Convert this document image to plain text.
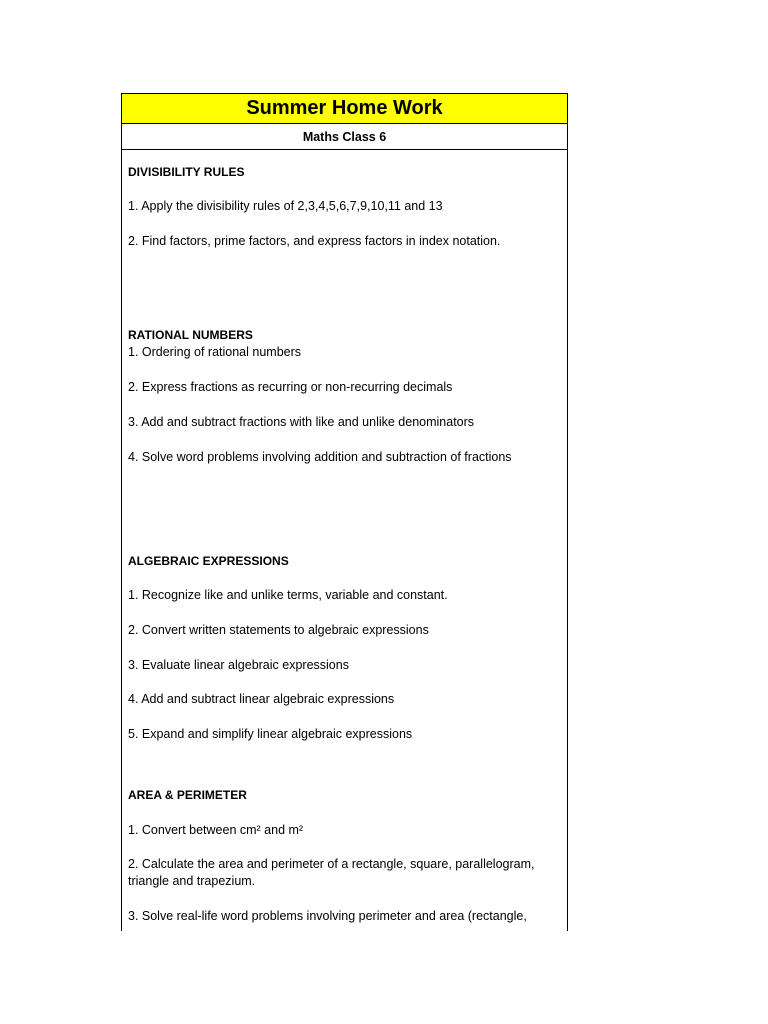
Summer Home Work
Maths Class 6
DIVISIBILITY RULES
1. Apply the divisibility rules of 2,3,4,5,6,7,9,10,11 and 13
2. Find factors, prime factors, and express factors in index notation.
RATIONAL NUMBERS
1. Ordering of rational numbers
2. Express fractions as recurring or non-recurring decimals
3. Add and subtract fractions with like and unlike denominators
4. Solve word problems involving addition and subtraction of fractions
ALGEBRAIC EXPRESSIONS
1. Recognize like and unlike terms, variable and constant.
2. Convert written statements to algebraic expressions
3. Evaluate linear algebraic expressions
4. Add and subtract linear algebraic expressions
5. Expand and simplify linear algebraic expressions
AREA & PERIMETER
1. Convert between cm² and m²
2. Calculate the area and perimeter of a rectangle, square, parallelogram, triangle and trapezium.
3. Solve real-life word problems involving perimeter and area (rectangle,
